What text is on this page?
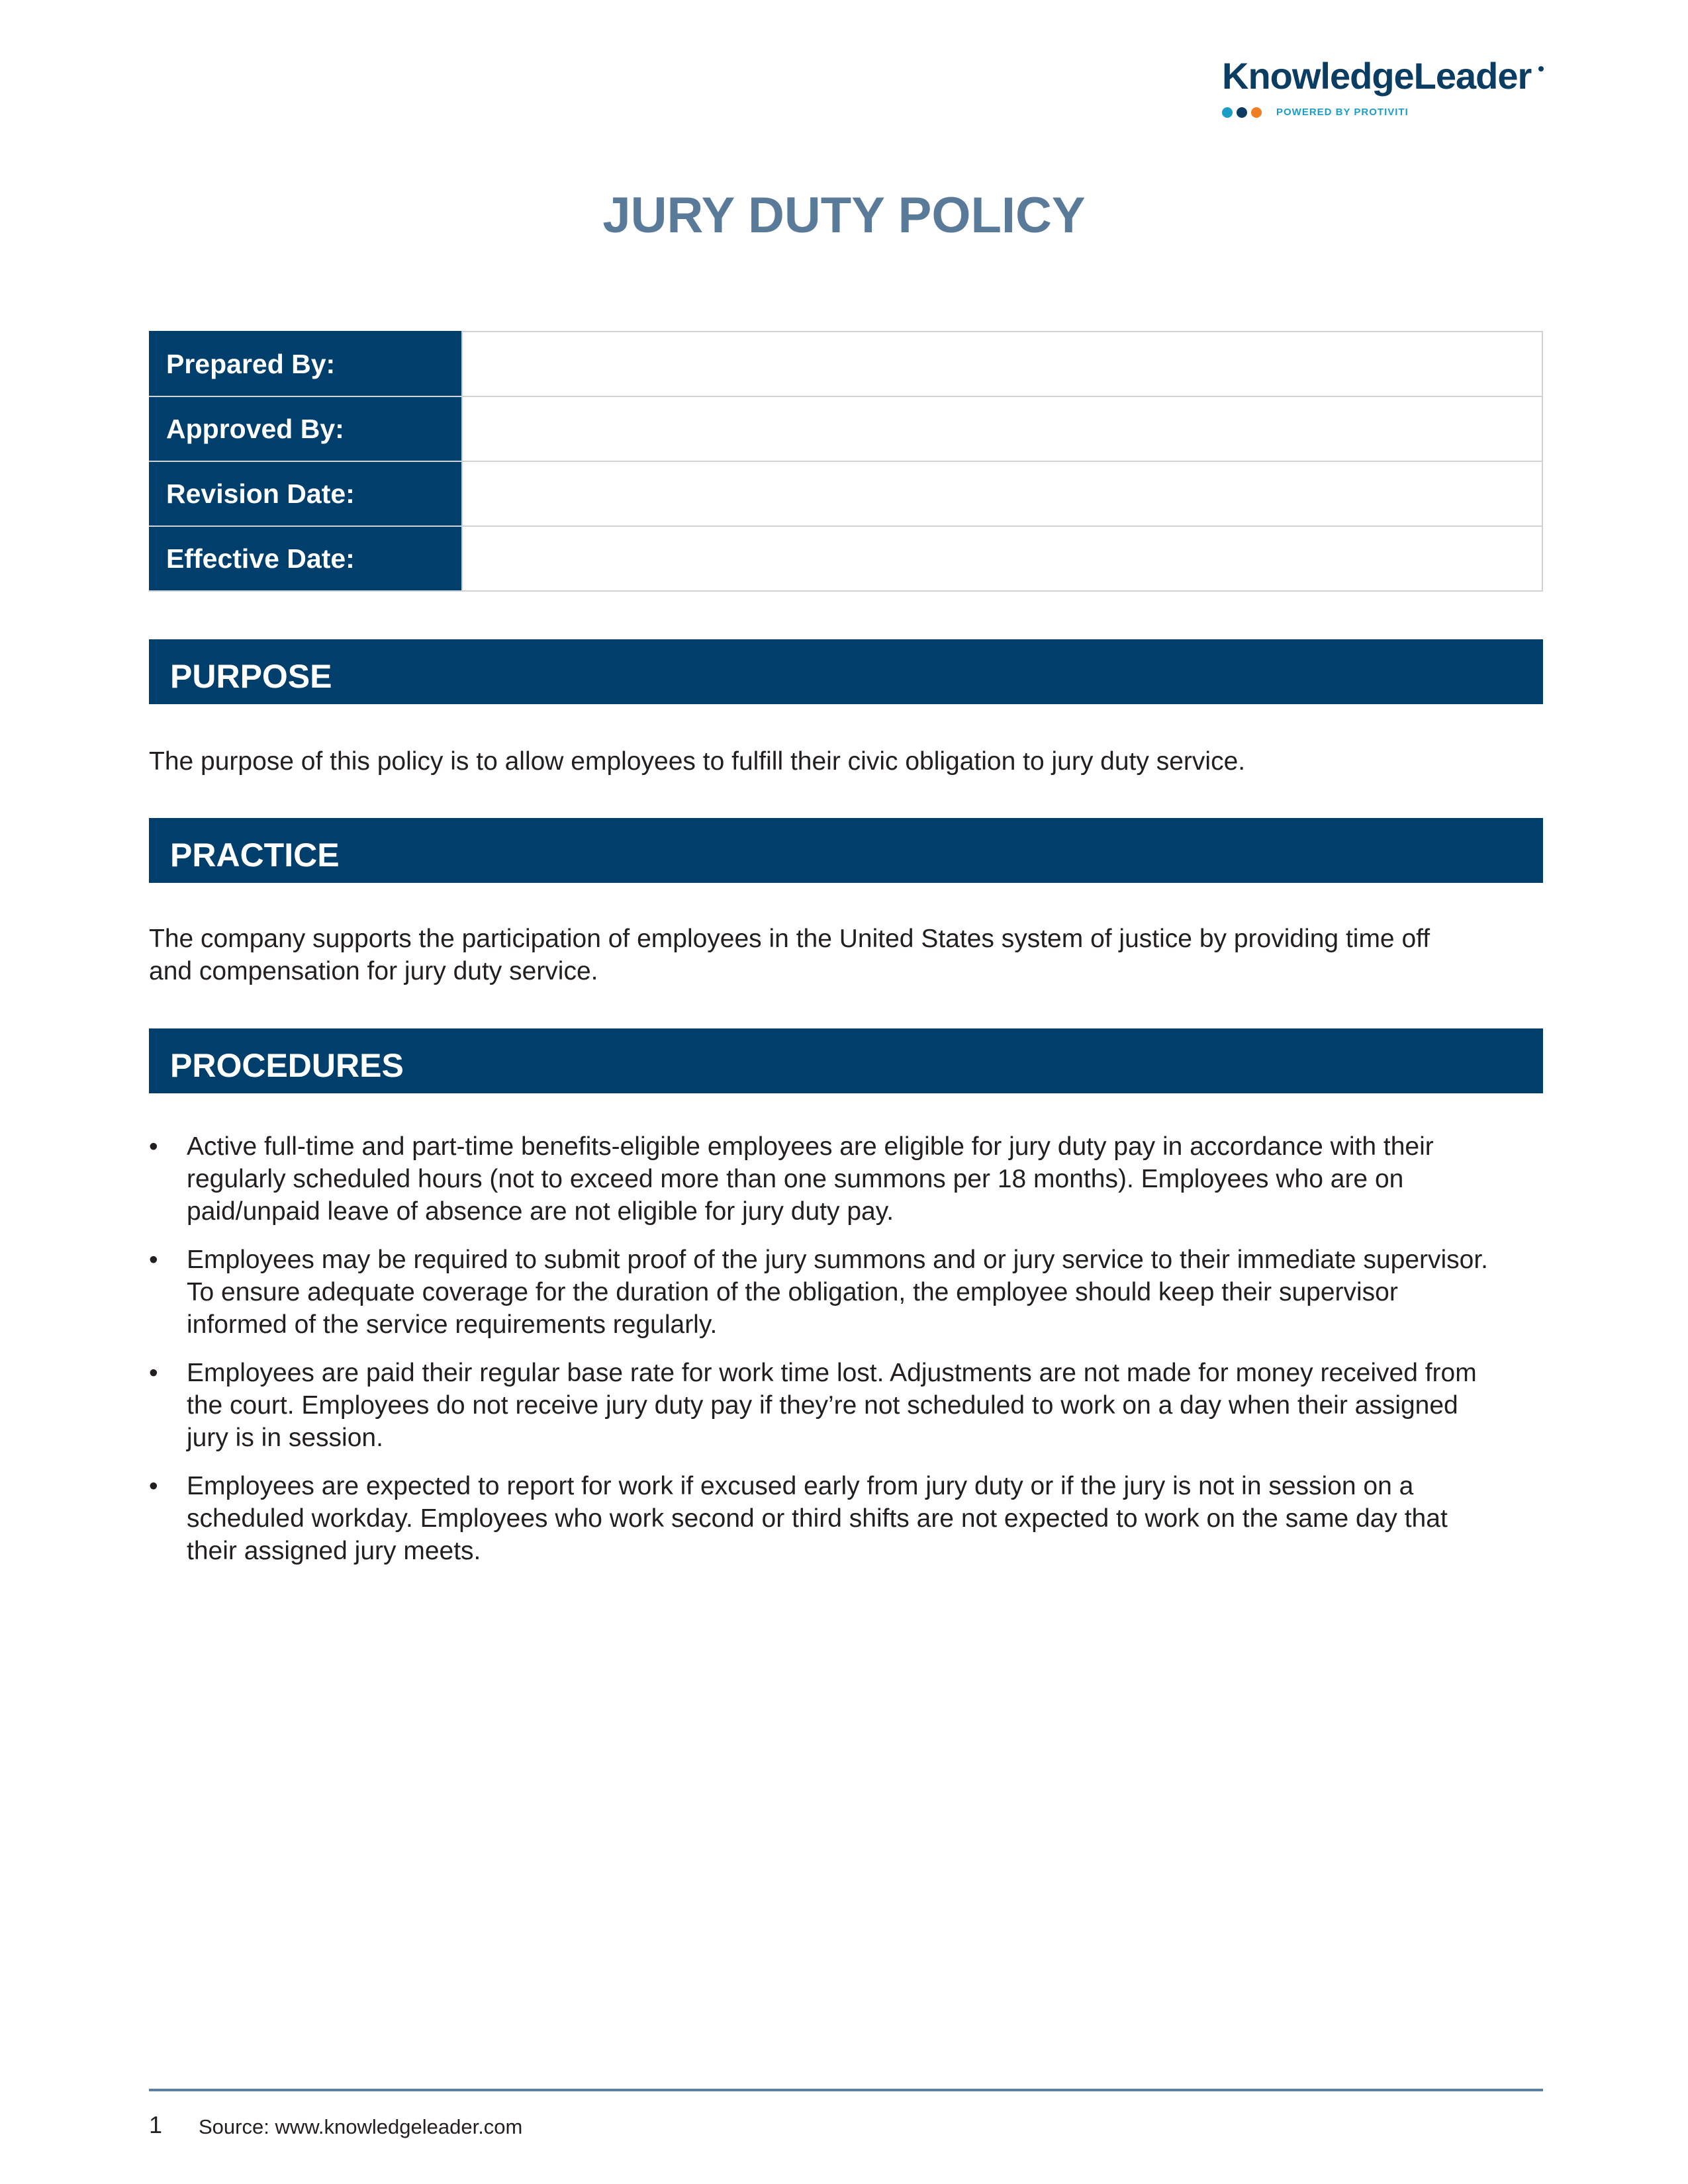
KnowledgeLeader
POWERED BY PROTIVITI
JURY DUTY POLICY
Prepared By:	
Approved By:	
Revision Date:	
Effective Date:	
PURPOSE

The purpose of this policy is to allow employees to fulfill their civic obligation to jury duty service.

PRACTICE
The company supports the participation of employees in the United States system of justice by providing time off
and compensation for jury duty service.
PROCEDURES
• Active full-time and part-time benefits-eligible employees are eligible for jury duty pay in accordance with their
regularly scheduled hours (not to exceed more than one summons per 18 months). Employees who are on
paid/unpaid leave of absence are not eligible for jury duty pay.
• Employees may be required to submit proof of the jury summons and or jury service to their immediate supervisor.
To ensure adequate coverage for the duration of the obligation, the employee should keep their supervisor
informed of the service requirements regularly.
• Employees are paid their regular base rate for work time lost. Adjustments are not made for money received from
the court. Employees do not receive jury duty pay if they’re not scheduled to work on a day when their assigned
jury is in session.
• Employees are expected to report for work if excused early from jury duty or if the jury is not in session on a
scheduled workday. Employees who work second or third shifts are not expected to work on the same day that
their assigned jury meets.
1 Source: www.knowledgeleader.com
